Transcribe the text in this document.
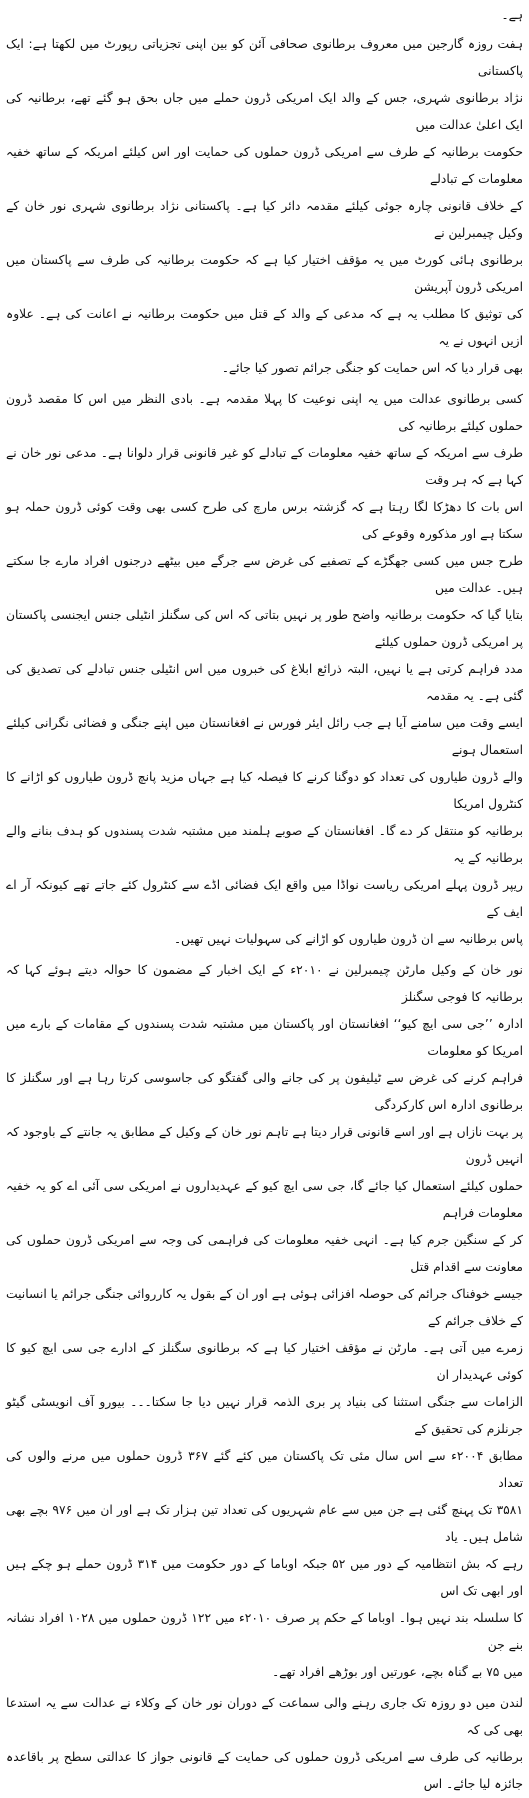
ہے۔
ہفت روزہ گارجین میں معروف برطانوی صحافی آئن کو بین اپنی تجزیاتی رپورٹ میں لکھتا ہے: ایک پاکستانی
نژاد برطانوی شہری، جس کے والد ایک امریکی ڈرون حملے میں جاں بحق ہو گئے تھے، برطانیہ کی ایک اعلیٰ عدالت میں
حکومت برطانیہ کے طرف سے امریکی ڈرون حملوں کی حمایت اور اس کیلئے امریکہ کے ساتھ خفیہ معلومات کے تبادلے
کے خلاف قانونی چارہ جوئی کیلئے مقدمہ دائر کیا ہے۔ پاکستانی نژاد برطانوی شہری نور خان کے وکیل چیمبرلین نے
برطانوی ہائی کورٹ میں یہ مؤقف اختیار کیا ہے کہ حکومت برطانیہ کی طرف سے پاکستان میں امریکی ڈرون آپریشن
کی توثیق کا مطلب یہ ہے کہ مدعی کے والد کے قتل میں حکومت برطانیہ نے اعانت کی ہے۔ علاوہ ازیں انہوں نے یہ
بھی قرار دیا کہ اس حمایت کو جنگی جرائم تصور کیا جائے۔
کسی برطانوی عدالت میں یہ اپنی نوعیت کا پہلا مقدمہ ہے۔ بادی النظر میں اس کا مقصد ڈرون حملوں کیلئے برطانیہ کی
طرف سے امریکہ کے ساتھ خفیہ معلومات کے تبادلے کو غیر قانونی قرار دلوانا ہے۔ مدعی نور خان نے کہا ہے کہ ہر وقت
اس بات کا دھڑکا لگا رہتا ہے کہ گزشتہ برس مارچ کی طرح کسی بھی وقت کوئی ڈرون حملہ ہو سکتا ہے اور مذکورہ وقوعے کی
طرح جس میں کسی جھگڑے کے تصفیے کی غرض سے جرگے میں بیٹھے درجنوں افراد مارے جا سکتے ہیں۔ عدالت میں
بتایا گیا کہ حکومت برطانیہ واضح طور پر نہیں بتاتی کہ اس کی سگنلز انٹیلی جنس ایجنسی پاکستان پر امریکی ڈرون حملوں کیلئے
مدد فراہم کرتی ہے یا نہیں، البتہ ذرائع ابلاغ کی خبروں میں اس انٹیلی جنس تبادلے کی تصدیق کی گئی ہے۔ یہ مقدمہ
ایسے وقت میں سامنے آیا ہے جب رائل ایئر فورس نے افغانستان میں اپنے جنگی و فضائی نگرانی کیلئے استعمال ہونے
والے ڈرون طیاروں کی تعداد کو دوگنا کرنے کا فیصلہ کیا ہے جہاں مزید پانچ ڈرون طیاروں کو اڑانے کا کنٹرول امریکا
برطانیہ کو منتقل کر دے گا۔ افغانستان کے صوبے ہلمند میں مشتبہ شدت پسندوں کو ہدف بنانے والے برطانیہ کے یہ
ریپر ڈرون پہلے امریکی ریاست نواڈا میں واقع ایک فضائی اڈے سے کنٹرول کئے جاتے تھے کیونکہ آر اے ایف کے
پاس برطانیہ سے ان ڈرون طیاروں کو اڑانے کی سہولیات نہیں تھیں۔
نور خان کے وکیل مارٹن چیمبرلین نے ۲۰۱۰ء کے ایک اخبار کے مضمون کا حوالہ دیتے ہوئے کہا کہ برطانیہ کا فوجی سگنلز
ادارہ ’’جی سی ایچ کیو‘‘ افغانستان اور پاکستان میں مشتبہ شدت پسندوں کے مقامات کے بارے میں امریکا کو معلومات
فراہم کرنے کی غرض سے ٹیلیفون پر کی جانے والی گفتگو کی جاسوسی کرتا رہا ہے اور سگنلز کا برطانوی ادارہ اس کارکردگی
پر بہت نازاں ہے اور اسے قانونی قرار دیتا ہے تاہم نور خان کے وکیل کے مطابق یہ جانتے کے باوجود کہ انہیں ڈرون
حملوں کیلئے استعمال کیا جائے گا، جی سی ایچ کیو کے عہدیداروں نے امریکی سی آئی اے کو یہ خفیہ معلومات فراہم
کر کے سنگین جرم کیا ہے۔ انہی خفیہ معلومات کی فراہمی کی وجہ سے امریکی ڈرون حملوں کی معاونت سے اقدام قتل
جیسے خوفناک جرائم کی حوصلہ افزائی ہوئی ہے اور ان کے بقول یہ کارروائی جنگی جرائم یا انسانیت کے خلاف جرائم کے
زمرے میں آتی ہے۔ مارٹن نے مؤقف اختیار کیا ہے کہ برطانوی سگنلز کے ادارے جی سی ایچ کیو کا کوئی عہدیدار ان
الزامات سے جنگی استثنا کی بنیاد پر بری الذمہ قرار نہیں دیا جا سکتا۔۔۔ بیورو آف انویسٹی گیٹو جرنلزم کی تحقیق کے
مطابق ۲۰۰۴ء سے اس سال مئی تک پاکستان میں کئے گئے ۳۶۷ ڈرون حملوں میں مرنے والوں کی تعداد
۳۵۸۱ تک پہنچ گئی ہے جن میں سے عام شہریوں کی تعداد تین ہزار تک ہے اور ان میں ۹۷۶ بچے بھی شامل ہیں۔ یاد
رہے کہ بش انتظامیہ کے دور میں ۵۲ جبکہ اوباما کے دور حکومت میں ۳۱۴ ڈرون حملے ہو چکے ہیں اور ابھی تک اس
کا سلسلہ بند نہیں ہوا۔ اوباما کے حکم پر صرف ۲۰۱۰ء میں ۱۲۲ ڈرون حملوں میں ۱۰۲۸ افراد نشانہ بنے جن
میں ۷۵ بے گناہ بچے، عورتیں اور بوڑھے افراد تھے۔
لندن میں دو روزہ تک جاری رہنے والی سماعت کے دوران نور خان کے وکلاء نے عدالت سے یہ استدعا بھی کی کہ
برطانیہ کی طرف سے امریکی ڈرون حملوں کی حمایت کے قانونی جواز کا عدالتی سطح پر باقاعدہ جائزہ لیا جائے۔ اس
